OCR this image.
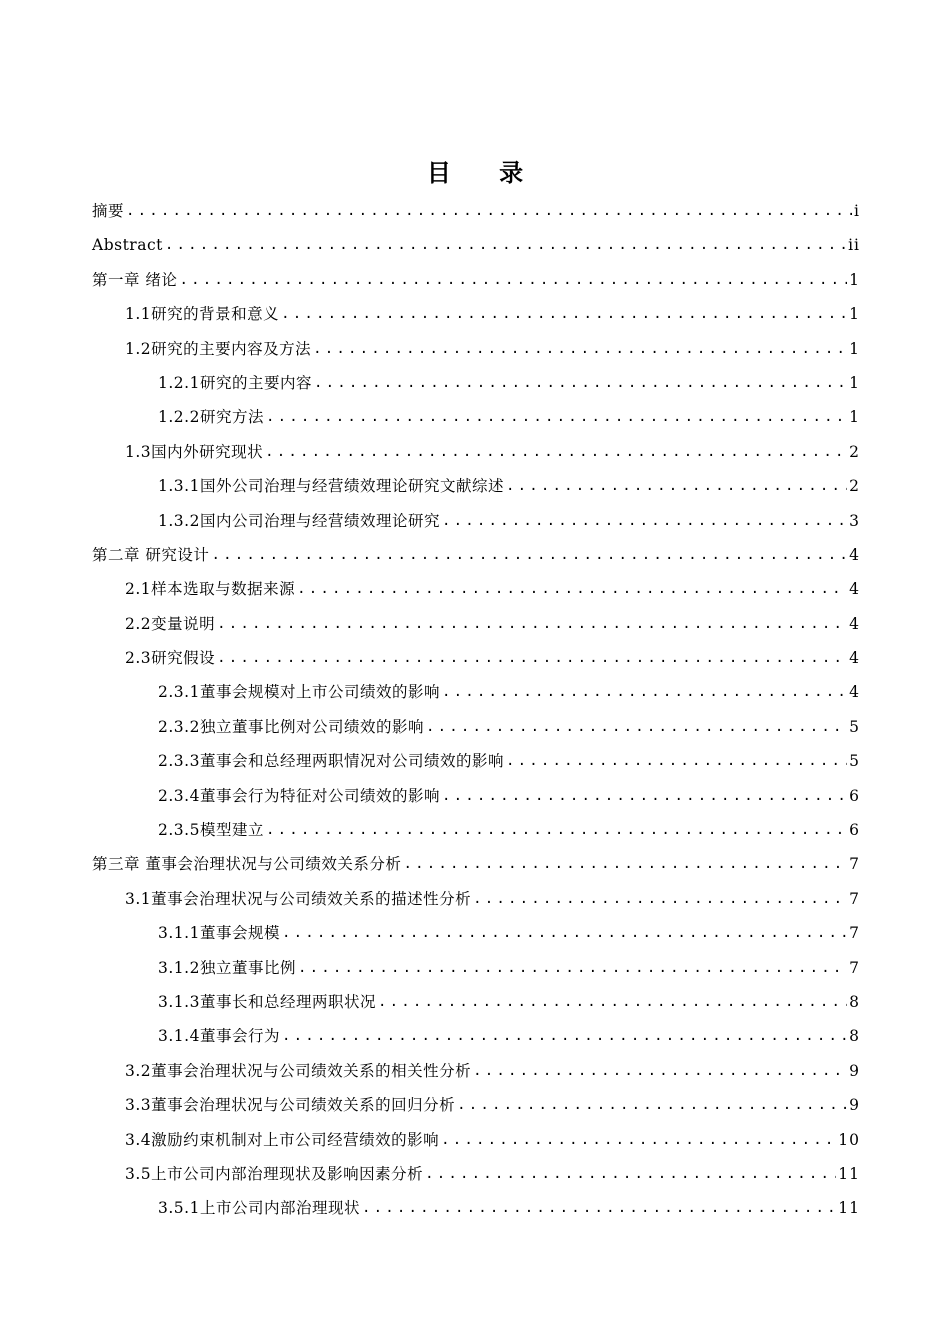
目 录
摘要 .....	i
Abstract .....	ii
第一章 绪论 .....	1
1.1研究的背景和意义 .....	1
1.2研究的主要内容及方法 .....	1
1.2.1研究的主要内容 .....	1
1.2.2研究方法 .....	1
1.3国内外研究现状 .....	2
1.3.1国外公司治理与经营绩效理论研究文献综述 .....	2
1.3.2国内公司治理与经营绩效理论研究 .....	3
第二章 研究设计 .....	4
2.1样本选取与数据来源 .....	4
2.2变量说明 .....	4
2.3研究假设 .....	4
2.3.1董事会规模对上市公司绩效的影响 .....	4
2.3.2独立董事比例对公司绩效的影响 .....	5
2.3.3董事会和总经理两职情况对公司绩效的影响 .....	5
2.3.4董事会行为特征对公司绩效的影响 .....	6
2.3.5模型建立 .....	6
第三章 董事会治理状况与公司绩效关系分析 .....	7
3.1董事会治理状况与公司绩效关系的描述性分析 .....	7
3.1.1董事会规模 .....	7
3.1.2独立董事比例 .....	7
3.1.3董事长和总经理两职状况 .....	8
3.1.4董事会行为 .....	8
3.2董事会治理状况与公司绩效关系的相关性分析 .....	9
3.3董事会治理状况与公司绩效关系的回归分析 .....	9
3.4激励约束机制对上市公司经营绩效的影响 .....	10
3.5上市公司内部治理现状及影响因素分析 .....	11
3.5.1上市公司内部治理现状 .....	11
